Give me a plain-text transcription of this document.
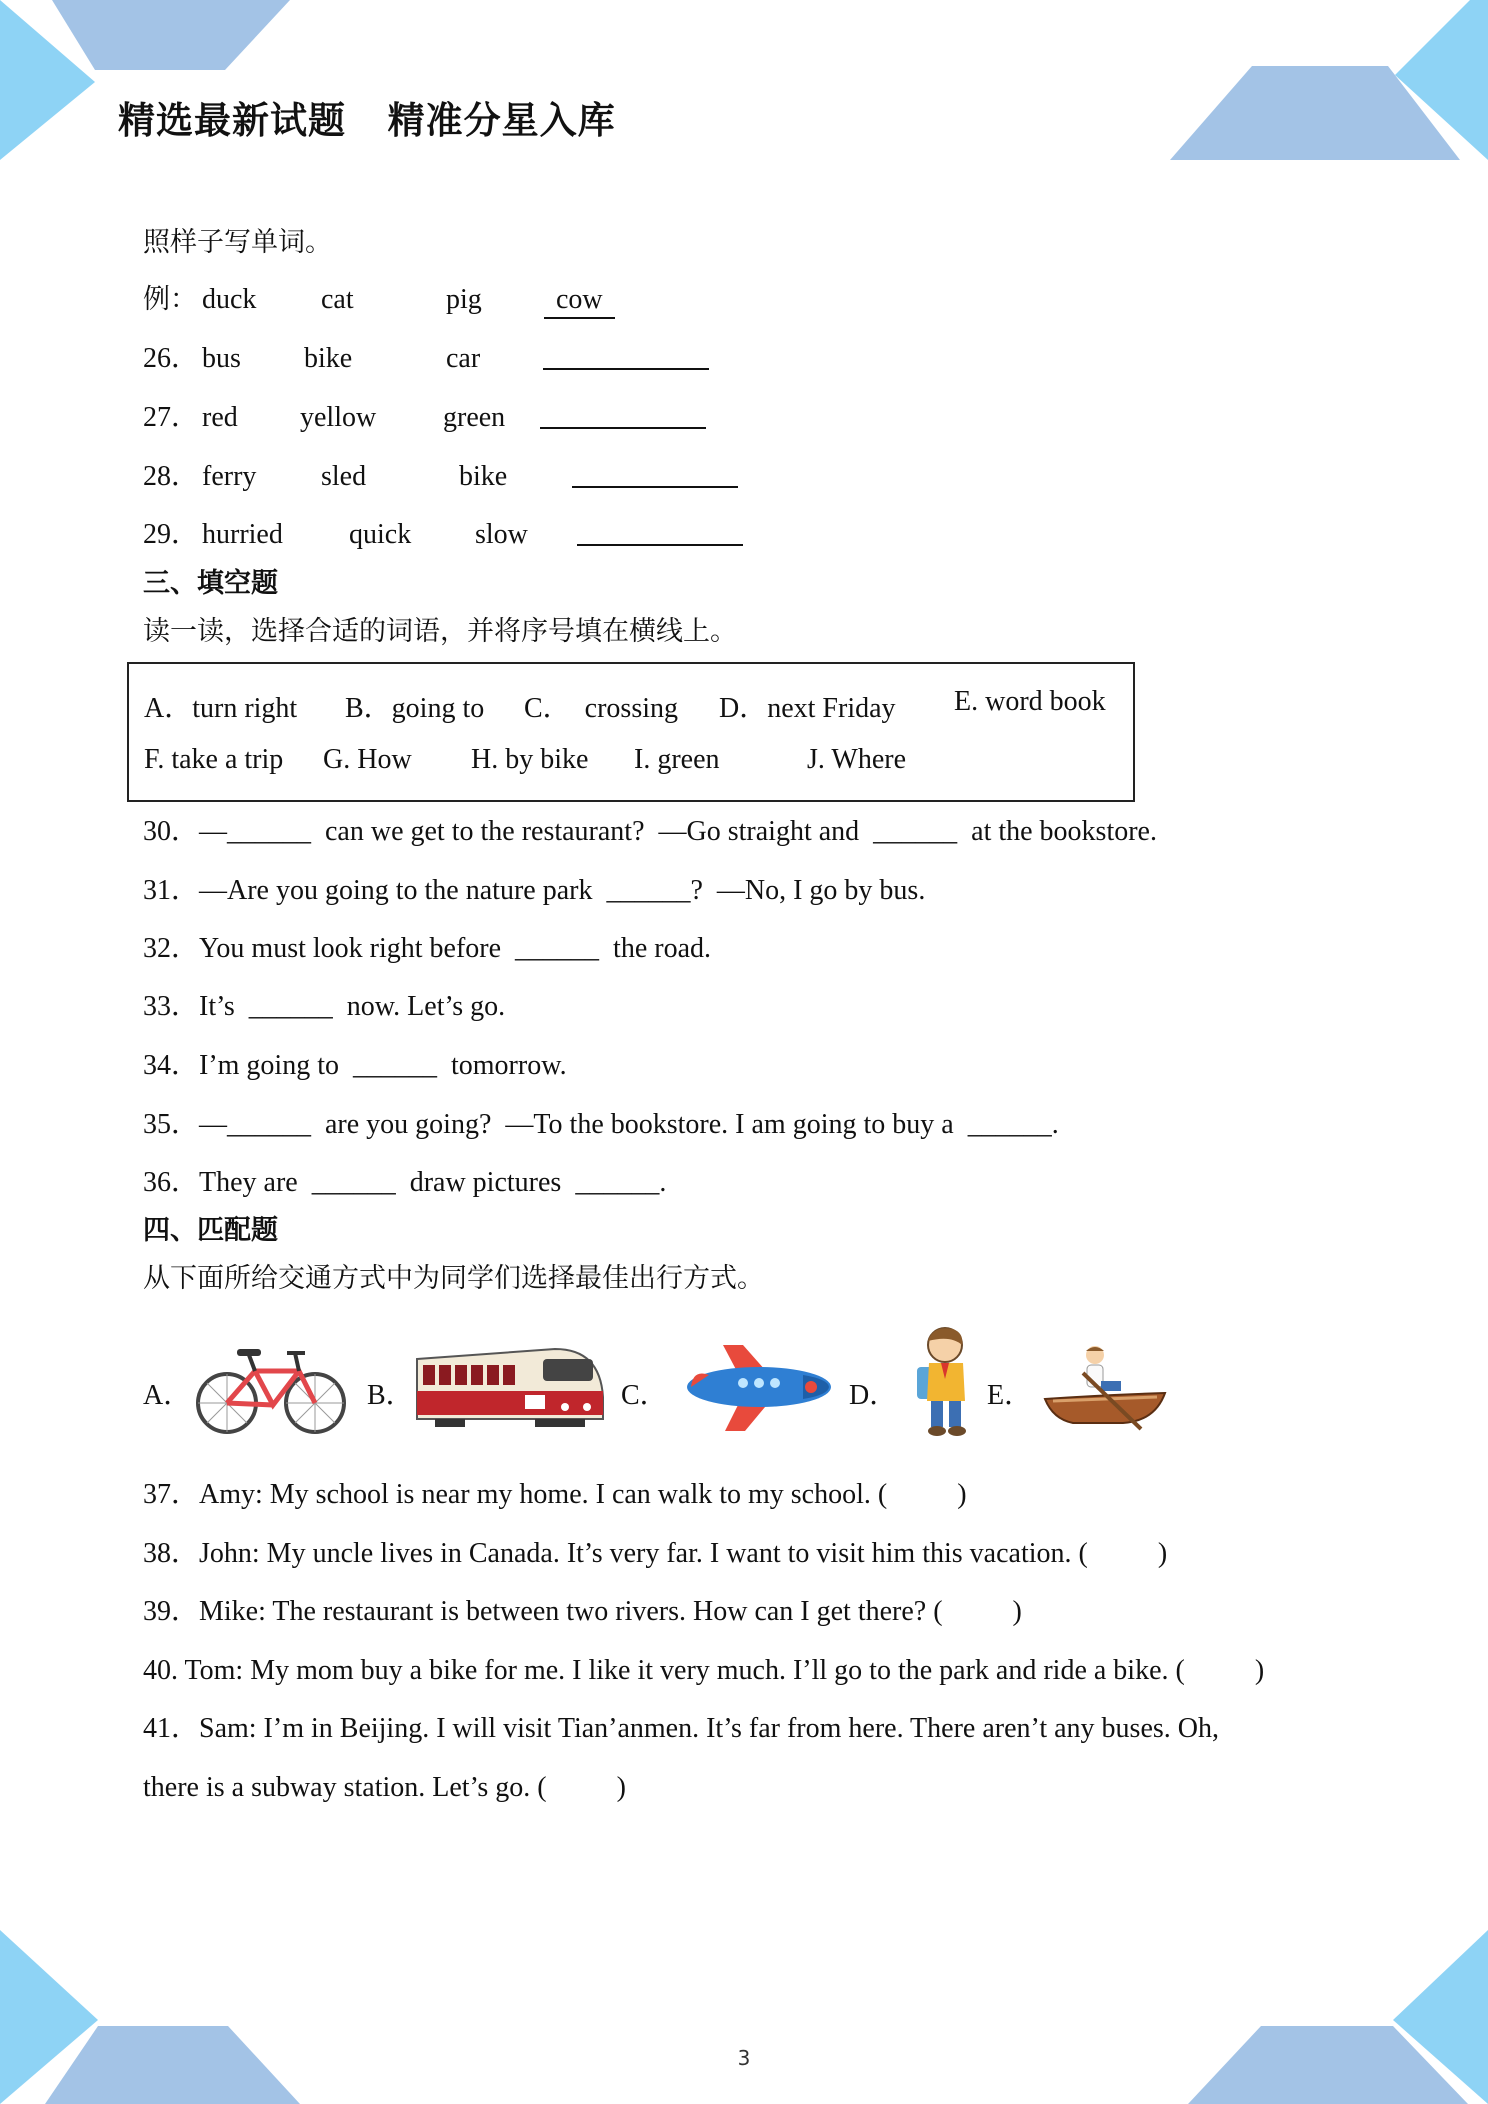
精选最新试题   精准分星入库
照样子写单词。
例： duck cat	pig	cow
26． bus bike	car
27． red yellow green
28． ferry sled	bike
29． hurried quick slow
三、填空题
读一读，选择合适的词语，并将序号填在横线上。
A．turn right B．going to C．  crossing D．next Friday E. word book
F. take a trip G. How H. by bike I. green	J. Where
30．—______  can we get to the restaurant?  —Go straight and  ______  at the bookstore.
31．—Are you going to the nature park  ______?  —No, I go by bus.
32．You must look right before  ______  the road.
33．It’s  ______  now. Let’s go.
34．I’m going to  ______  tomorrow.
35．—______  are you going?  —To the bookstore. I am going to buy a  ______.
36．They are  ______  draw pictures  ______.
四、匹配题
从下面所给交通方式中为同学们选择最佳出行方式。
A．	B．	C．	D．	E．
37．Amy: My school is near my home. I can walk to my school. (          )
38．John: My uncle lives in Canada. It’s very far. I want to visit him this vacation. (          )
39．Mike: The restaurant is between two rivers. How can I get there? (          )
40. Tom: My mom buy a bike for me. I like it very much. I’ll go to the park and ride a bike. (          )
41．Sam: I’m in Beijing. I will visit Tian’anmen. It’s far from here. There aren’t any buses. Oh,
there is a subway station. Let’s go. (          )
3
